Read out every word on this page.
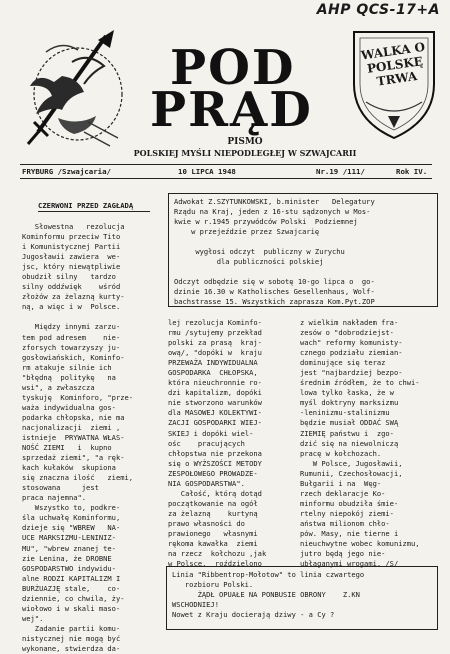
AHP QCS-17+A
POD
PRĄD
PISMO
POLSKIEJ MYŚLI NIEPODLEGŁEJ W SZWAJCARII
WALKA O POLSKĘ TRWA
FRYBURG /Szwajcaria/	10 LIPCA 1948	Nr.19 /111/	Rok IV.
CZERWONI PRZED ZAGŁADĄ
Słowestna   rezolucja
Kominformu przeciw Tito
i Komunistycznej Partii
Jugosławii zawiera  we-
jsc, który niewątpliwie
obudził silny   tardzo
silny oddźwięk    wśród
złożów za żelazną kurty-
ną, a więc i w  Polsce.

Między innymi zarzu-
tem pod adresem    nie-
zforsych towarzyszy ju-
gosłowiańskich, Kominfo-
rm atakuje silnie ich
"błędną  politykę   na
wsi", a zwłaszcza
tyskuję  Kominforo, "prze-
waża indywidualna gos-
podarka chłopska, nie ma
nacjonalizacji  ziemi ,
istnieje  PRYWATNA WŁAS-
NOŚĆ ZIEMI   i  kupno
sprzedaż ziemi", "a ręk-
kach kułaków  skupiona
się znaczna ilość   ziemi,
stosowana     jest
praca najemna".
Wszystko to, podkre-
śla uchwałę Kominformu,
dzieje się "WBREW   NA-
UCE MARKSIZMU-LENINIZ-
MU", "wbrew znanej te-
zie Lenina, że DROBNE
GOSPODARSTWO indywidu-
alne RODZI KAPITALIZM I
BURŻUAZJĘ stale,    co-
dziennie, co chwila, ży-
wiołowo i w skali maso-
wej".
Zadanie partii komu-
nistycznej nie mogą być
wykonane, stwierdza da-
Adwokat Z.SZYTUNKOWSKI, b.minister   Delegatury
Rządu na Kraj, jeden z 16-stu sądzonych w Mos-
kwie w r.1945 przywódców Polski  Podziemnej
w przejeździe przez Szwajcarię

wygłosi odczyt  publiczny w Zurychu
dla publiczności polskiej

Odczyt odbędzie się w sobotę 10-go lipca o  go-
dzinie 16.30 w Katholisches Gesellenhaus, Wolf-
bachstrasse 15. Wszystkich zaprasza Kom.Pyt.ZOP
lej rezolucja Kominfo-
rmu /sytujemy przekład
polski za prasą  kraj-
ową/, "dopóki w  kraju
PRZEWAŻA INDYWIDUALNA
GOSPODARKA  CHŁOPSKA,
która nieuchronnie ro-
dzi kapitalizm, dopóki
nie stworzono warunków
dla MASOWEJ KOLEKTYWI-
ZACJI GOSPODARKI WIEJ-
SKIEJ i dopóki wiel-
ośc    pracujących
chłopstwa nie przekona
się o WYŻSZOŚCI METODY
ZESPOŁOWEGO PROWADZE-
NIA GOSPODARSTWA".
Całość, którą dotąd
początkowanie na ogół
za żelazną    kurtyną
prawo własności do
prawionego   własnymi
rękoma kawałka  ziemi
na rzecz  kołchozu ,jak
w Polsce,  roździelono
z wielkim nakładem fra-
zesów o "dobrodziejst-
wach" reformy komunisty-
cznego podziału ziemian-
dominujące się teraz
jest "najbardziej bezpo-
średnim źródłem, że to chwi-
lowa tylko łaska, że w
myśl doktryny marksizmu
-leninizmu-stalinizmu
będzie musiał ODDAĆ SWĄ
ZIEMIĘ państwu i  zgo-
dzić się na niewolniczą
pracę w kołchozach.
W Polsce, Jugosławii,
Rumunii, Czechosłowacji,
Bułgarii i na  Węg-
rzech deklaracje Ko-
minformu obudziła śmie-
rtelny niepokój ziemi-
aństwa milionom chło-
pów. Masy, nie tierne i
nieuchwytne wobec komunizmu,
jutro będą jego nie-
ubłaganymi wrogami. /S/
Linia "Ribbentrop-Mołotow" to linia czwartego
rozbioru Polski.
ŻĄDŁ OPUAŁE NA PONBUSIE OBRONY    Z.KN
WSCHODNIEJ!
Nowet z Kraju docierają dziwy - a Cy ?
